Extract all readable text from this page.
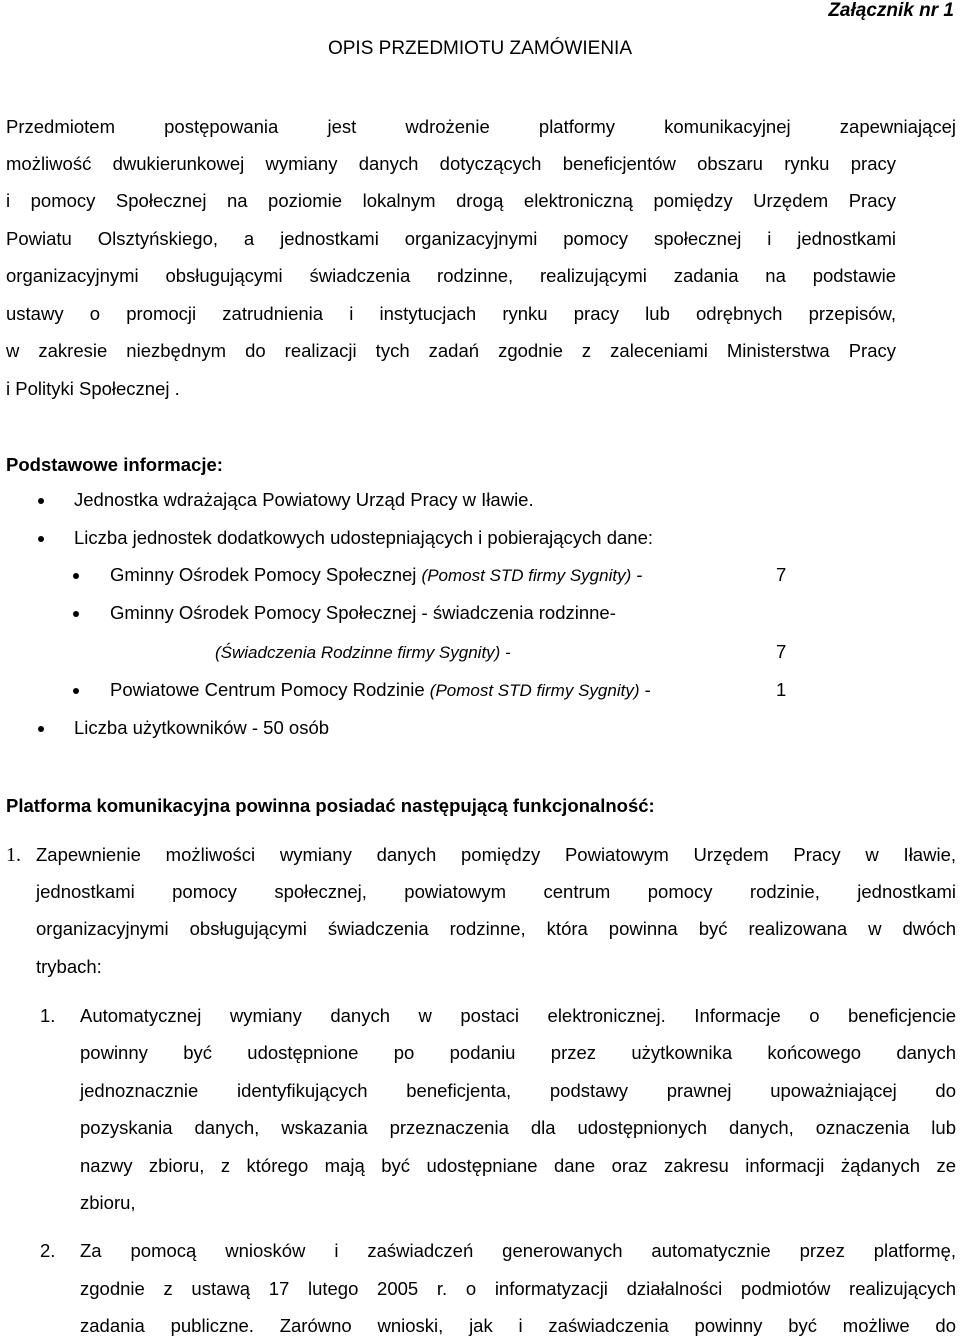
Załącznik nr 1
OPIS PRZEDMIOTU ZAMÓWIENIA
Przedmiotem postępowania jest wdrożenie platformy komunikacyjnej zapewniającej
możliwość dwukierunkowej wymiany danych dotyczących beneficjentów obszaru rynku pracy
i pomocy Społecznej na poziomie lokalnym drogą elektroniczną pomiędzy Urzędem Pracy
Powiatu Olsztyńskiego, a jednostkami organizacyjnymi pomocy społecznej i jednostkami
organizacyjnymi obsługującymi świadczenia rodzinne, realizującymi zadania na podstawie
ustawy o promocji zatrudnienia i instytucjach rynku pracy lub odrębnych przepisów,
w zakresie niezbędnym do realizacji tych zadań zgodnie z zaleceniami Ministerstwa Pracy
i Polityki Społecznej .
Podstawowe informacje:
Jednostka wdrażająca Powiatowy Urząd Pracy w Iławie.
Liczba jednostek dodatkowych udostepniających i pobierających dane:
Gminny Ośrodek Pomocy Społecznej (Pomost STD firmy Sygnity) -	7
Gminny Ośrodek Pomocy Społecznej - świadczenia rodzinne-
(Świadczenia Rodzinne firmy Sygnity) -	7
Powiatowe Centrum Pomocy Rodzinie (Pomost STD firmy Sygnity) -	1
Liczba użytkowników - 50 osób
Platforma komunikacyjna powinna posiadać następującą funkcjonalność:
1. Zapewnienie możliwości wymiany danych pomiędzy Powiatowym Urzędem Pracy w Iławie,
jednostkami pomocy społecznej, powiatowym centrum pomocy rodzinie, jednostkami
organizacyjnymi obsługującymi świadczenia rodzinne, która powinna być realizowana w dwóch
trybach:
1. Automatycznej wymiany danych w postaci elektronicznej. Informacje o beneficjencie
powinny być udostępnione po podaniu przez użytkownika końcowego danych
jednoznacznie identyfikujących beneficjenta, podstawy prawnej upoważniającej do
pozyskania danych, wskazania przeznaczenia dla udostępnionych danych, oznaczenia lub
nazwy zbioru, z którego mają być udostępniane dane oraz zakresu informacji żądanych ze
zbioru,
2. Za pomocą wniosków i zaświadczeń generowanych automatycznie przez platformę,
zgodnie z ustawą 17 lutego 2005 r. o informatyzacji działalności podmiotów realizujących
zadania publiczne. Zarówno wnioski, jak i zaświadczenia powinny być możliwe do
